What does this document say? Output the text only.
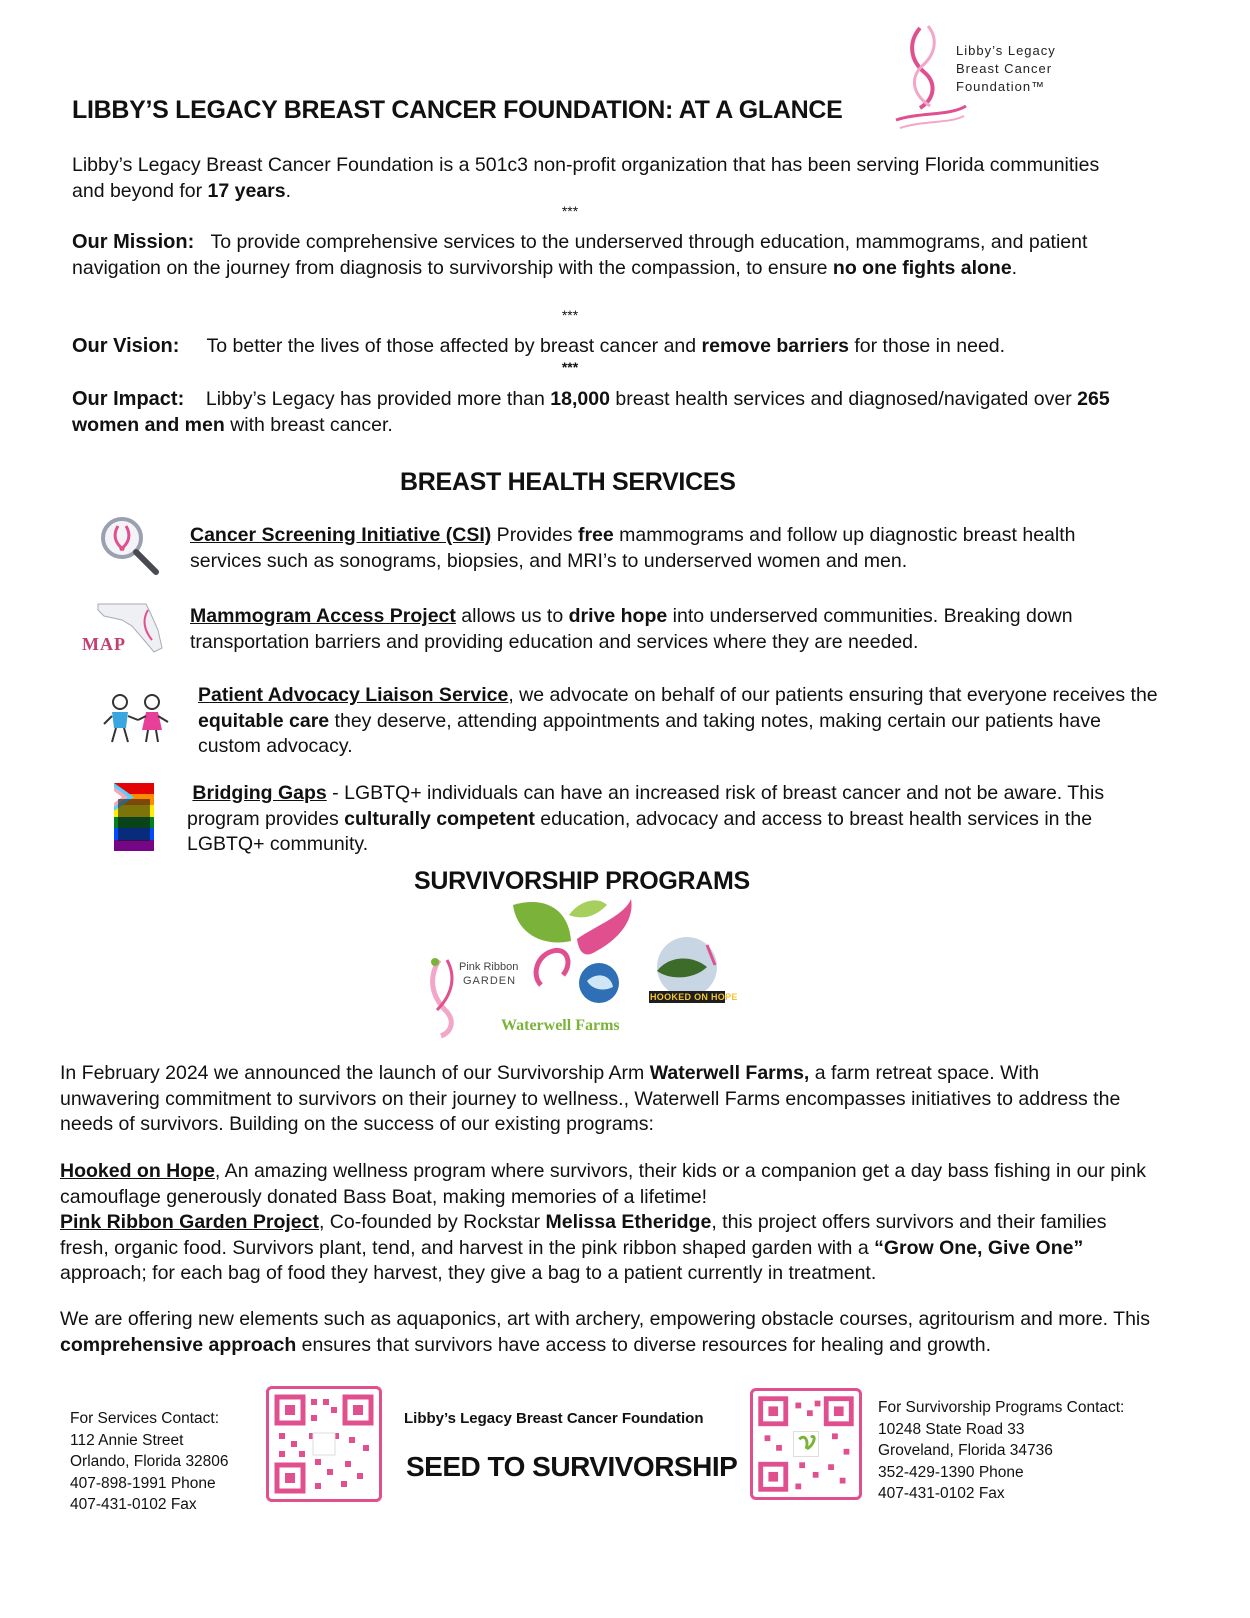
Libby’s Legacy
Breast Cancer
Foundation™
LIBBY’S LEGACY BREAST CANCER FOUNDATION: AT A GLANCE

Libby’s Legacy Breast Cancer Foundation is a 501c3 non-profit organization that has been serving Florida communities and beyond for 17 years.

***

Our Mission: To provide comprehensive services to the underserved through education, mammograms, and patient navigation on the journey from diagnosis to survivorship with the compassion, to ensure no one fights alone.

***

Our Vision: To better the lives of those affected by breast cancer and remove barriers for those in need.

***

Our Impact: Libby’s Legacy has provided more than 18,000 breast health services and diagnosed/navigated over 265 women and men with breast cancer.

BREAST HEALTH SERVICES

Cancer Screening Initiative (CSI) Provides free mammograms and follow up diagnostic breast health services such as sonograms, biopsies, and MRI’s to underserved women and men.

MAP

Mammogram Access Project allows us to drive hope into underserved communities. Breaking down transportation barriers and providing education and services where they are needed.

Patient Advocacy Liaison Service, we advocate on behalf of our patients ensuring that everyone receives the equitable care they deserve, attending appointments and taking notes, making certain our patients have custom advocacy.

Bridging Gaps - LGBTQ+ individuals can have an increased risk of breast cancer and not be aware. This program provides culturally competent education, advocacy and access to breast health services in the LGBTQ+ community.

SURVIVORSHIP PROGRAMS
Pink Ribbon
GARDEN
Waterwell Farms
HOOKED ON HOPE

In February 2024 we announced the launch of our Survivorship Arm Waterwell Farms, a farm retreat space. With unwavering commitment to survivors on their journey to wellness., Waterwell Farms encompasses initiatives to address the needs of survivors. Building on the success of our existing programs:

Hooked on Hope, An amazing wellness program where survivors, their kids or a companion get a day bass fishing in our pink camouflage generously donated Bass Boat, making memories of a lifetime!
Pink Ribbon Garden Project, Co-founded by Rockstar Melissa Etheridge, this project offers survivors and their families fresh, organic food. Survivors plant, tend, and harvest in the pink ribbon shaped garden with a “Grow One, Give One” approach; for each bag of food they harvest, they give a bag to a patient currently in treatment.

We are offering new elements such as aquaponics, art with archery, empowering obstacle courses, agritourism and more. This comprehensive approach ensures that survivors have access to diverse resources for healing and growth.

For Services Contact:
112 Annie Street
Orlando, Florida 32806
407-898-1991 Phone
407-431-0102 Fax
Libby’s Legacy Breast Cancer Foundation
SEED TO SURVIVORSHIP
For Survivorship Programs Contact:
10248 State Road 33
Groveland, Florida 34736
352-429-1390 Phone
407-431-0102 Fax
